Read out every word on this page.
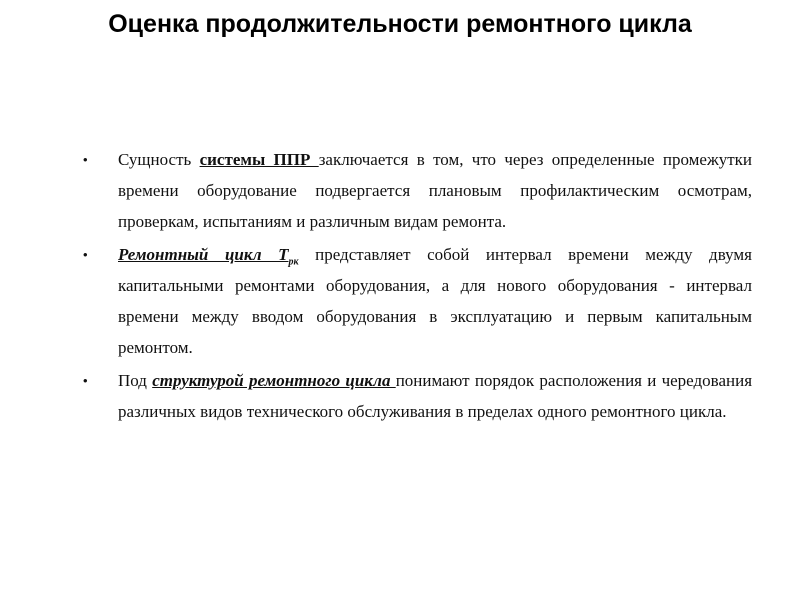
Оценка продолжительности ремонтного цикла
• Сущность системы ППР заключается в том, что через определенные промежутки времени оборудование подвергается плановым профилактическим осмотрам, проверкам, испытаниям и различным видам ремонта.
• Ремонтный цикл $Т_{рк}$ представляет собой интервал времени между двумя капитальными ремонтами оборудования, а для нового оборудования - интервал времени между вводом оборудования в эксплуатацию и первым капитальным ремонтом.
• Под структурой ремонтного цикла понимают порядок расположения и чередования различных видов технического обслуживания в пределах одного ремонтного цикла.
